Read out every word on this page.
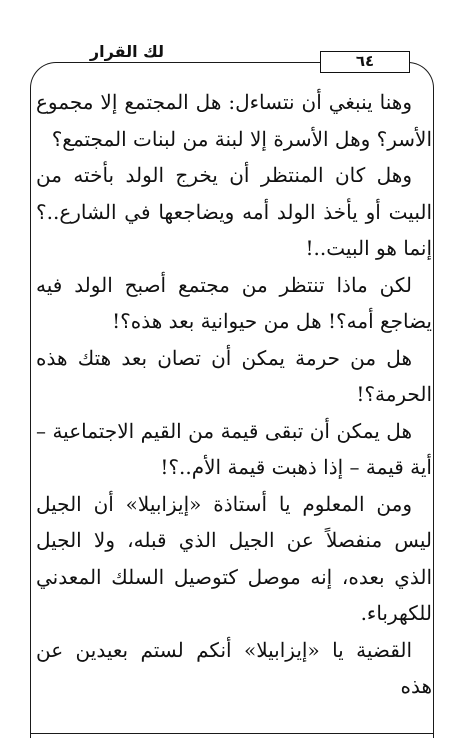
لك القرار	٦٤

وهنا ينبغي أن نتساءل: هل المجتمع إلا مجموع الأسر؟ وهل الأسرة إلا لبنة من لبنات المجتمع؟

وهل كان المنتظر أن يخرج الولد بأخته من البيت أو يأخذ الولد أمه ويضاجعها في الشارع..؟ إنما هو البيت..!

لكن ماذا تنتظر من مجتمع أصبح الولد فيه يضاجع أمه؟! هل من حيوانية بعد هذه؟!

هل من حرمة يمكن أن تصان بعد هتك هذه الحرمة؟!

هل يمكن أن تبقى قيمة من القيم الاجتماعية – أية قيمة – إذا ذهبت قيمة الأم..؟!

ومن المعلوم يا أستاذة «إيزابيلا» أن الجيل ليس منفصلاً عن الجيل الذي قبله، ولا الجيل الذي بعده، إنه موصل كتوصيل السلك المعدني للكهرباء.

القضية يا «إيزابيلا» أنكم لستم بعيدين عن هذه
